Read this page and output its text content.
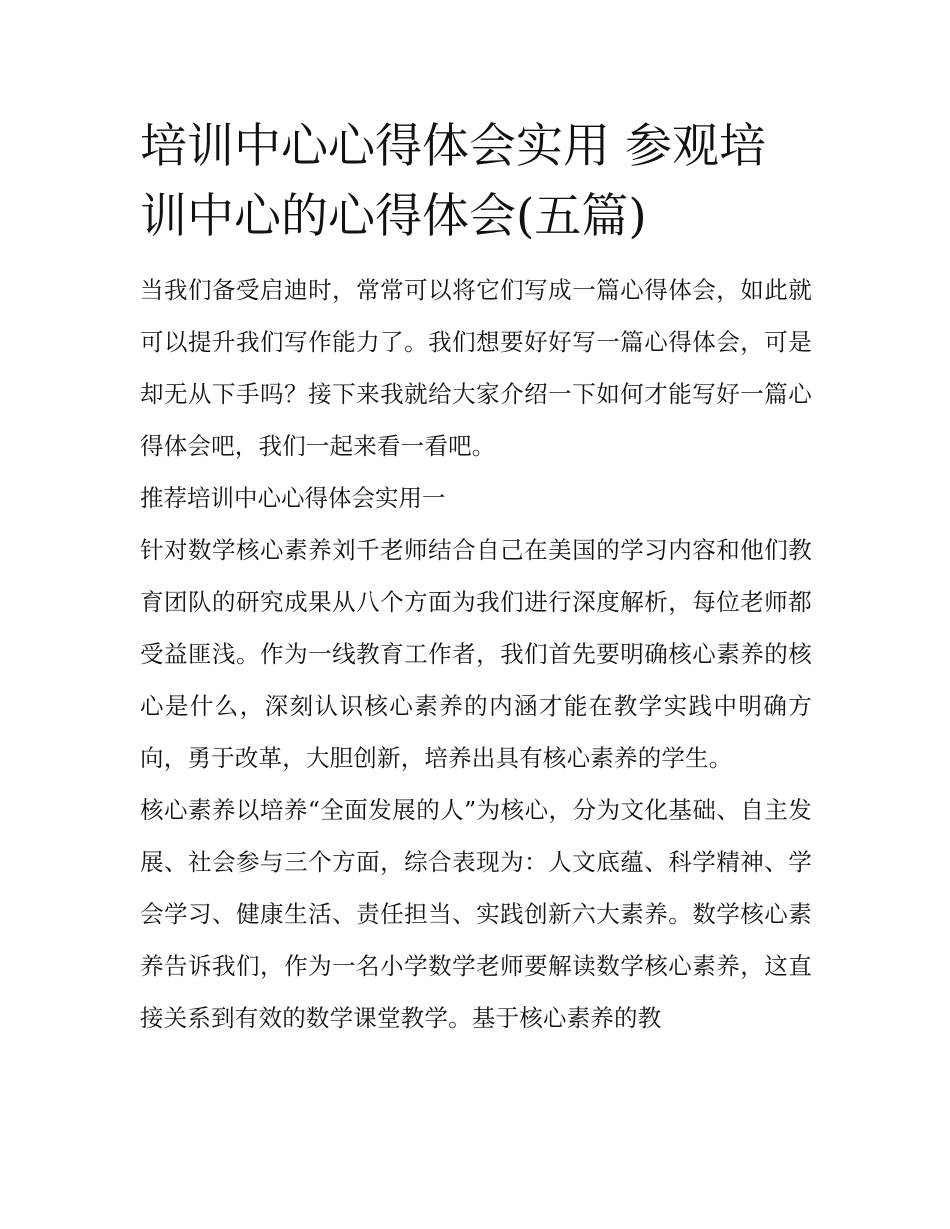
培训中心心得体会实用 参观培训中心的心得体会(五篇)

当我们备受启迪时，常常可以将它们写成一篇心得体会，如此就可以提升我们写作能力了。我们想要好好写一篇心得体会，可是却无从下手吗？接下来我就给大家介绍一下如何才能写好一篇心得体会吧，我们一起来看一看吧。

推荐培训中心心得体会实用一

针对数学核心素养刘千老师结合自己在美国的学习内容和他们教育团队的研究成果从八个方面为我们进行深度解析，每位老师都受益匪浅。作为一线教育工作者，我们首先要明确核心素养的核心是什么，深刻认识核心素养的内涵才能在教学实践中明确方向，勇于改革，大胆创新，培养出具有核心素养的学生。

核心素养以培养“全面发展的人”为核心，分为文化基础、自主发展、社会参与三个方面，综合表现为：人文底蕴、科学精神、学会学习、健康生活、责任担当、实践创新六大素养。数学核心素养告诉我们，作为一名小学数学老师要解读数学核心素养，这直接关系到有效的数学课堂教学。基于核心素养的教
